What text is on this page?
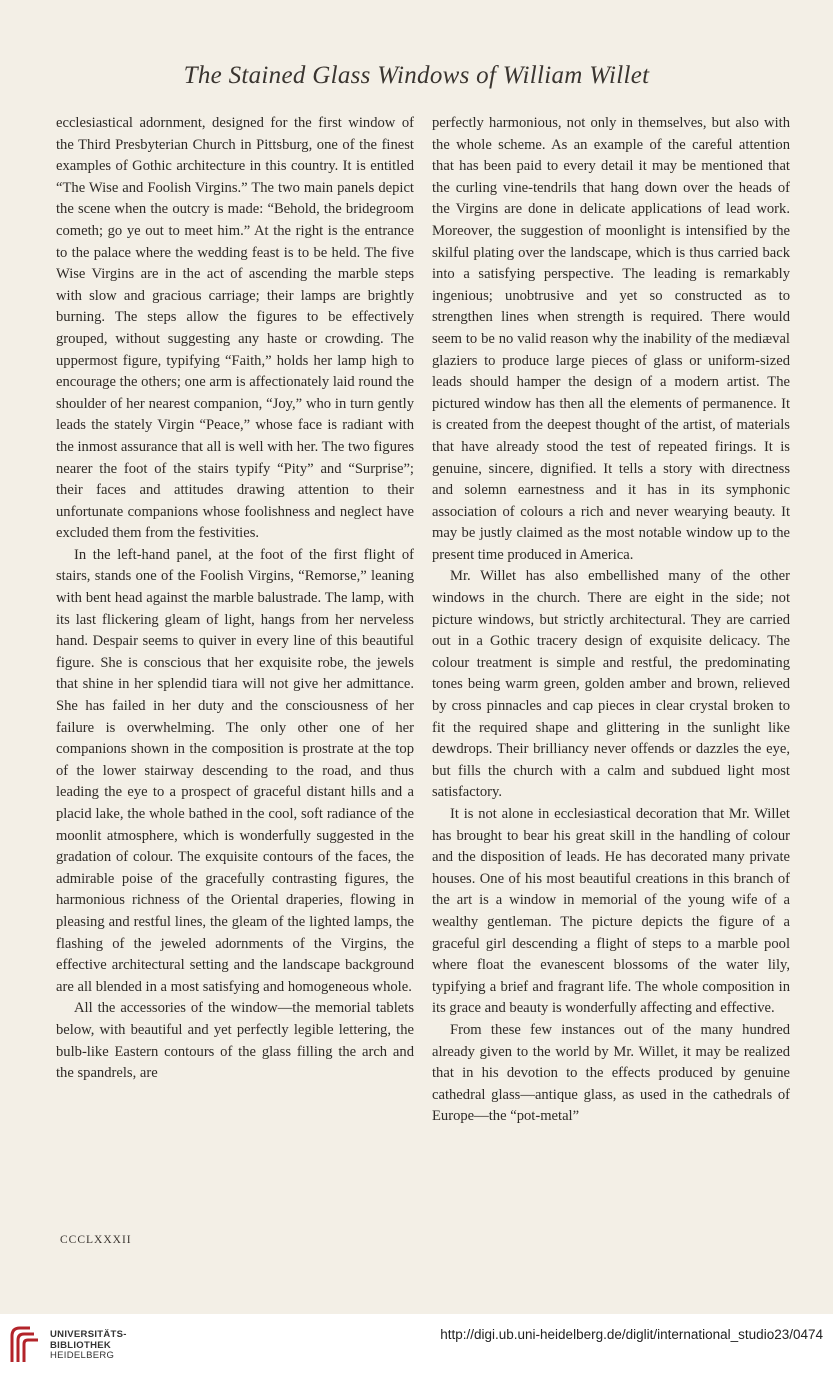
The Stained Glass Windows of William Willet

ecclesiastical adornment, designed for the first window of the Third Presbyterian Church in Pittsburg, one of the finest examples of Gothic architecture in this country. It is entitled “The Wise and Foolish Virgins.” The two main panels depict the scene when the outcry is made: “Behold, the bridegroom cometh; go ye out to meet him.” At the right is the entrance to the palace where the wedding feast is to be held. The five Wise Virgins are in the act of ascending the marble steps with slow and gracious carriage; their lamps are brightly burning. The steps allow the figures to be effectively grouped, without suggesting any haste or crowding. The uppermost figure, typifying “Faith,” holds her lamp high to encourage the others; one arm is affectionately laid round the shoulder of her nearest companion, “Joy,” who in turn gently leads the stately Virgin “Peace,” whose face is radiant with the inmost assurance that all is well with her. The two figures nearer the foot of the stairs typify “Pity” and “Surprise”; their faces and attitudes drawing attention to their unfortunate companions whose foolishness and neglect have excluded them from the festivities.

In the left-hand panel, at the foot of the first flight of stairs, stands one of the Foolish Virgins, “Remorse,” leaning with bent head against the marble balustrade. The lamp, with its last flickering gleam of light, hangs from her nerveless hand. Despair seems to quiver in every line of this beautiful figure. She is conscious that her exquisite robe, the jewels that shine in her splendid tiara will not give her admittance. She has failed in her duty and the consciousness of her failure is overwhelming. The only other one of her companions shown in the composition is prostrate at the top of the lower stairway descending to the road, and thus leading the eye to a prospect of graceful distant hills and a placid lake, the whole bathed in the cool, soft radiance of the moonlit atmosphere, which is wonderfully suggested in the gradation of colour. The exquisite contours of the faces, the admirable poise of the gracefully contrasting figures, the harmonious richness of the Oriental draperies, flowing in pleasing and restful lines, the gleam of the lighted lamps, the flashing of the jeweled adornments of the Virgins, the effective architectural setting and the landscape background are all blended in a most satisfying and homogeneous whole.

All the accessories of the window—the memorial tablets below, with beautiful and yet perfectly legible lettering, the bulb-like Eastern contours of the glass filling the arch and the spandrels, are

perfectly harmonious, not only in themselves, but also with the whole scheme. As an example of the careful attention that has been paid to every detail it may be mentioned that the curling vine-tendrils that hang down over the heads of the Virgins are done in delicate applications of lead work. Moreover, the suggestion of moonlight is intensified by the skilful plating over the landscape, which is thus carried back into a satisfying perspective. The leading is remarkably ingenious; unobtrusive and yet so constructed as to strengthen lines when strength is required. There would seem to be no valid reason why the inability of the mediæval glaziers to produce large pieces of glass or uniform-sized leads should hamper the design of a modern artist. The pictured window has then all the elements of permanence. It is created from the deepest thought of the artist, of materials that have already stood the test of repeated firings. It is genuine, sincere, dignified. It tells a story with directness and solemn earnestness and it has in its symphonic association of colours a rich and never wearying beauty. It may be justly claimed as the most notable window up to the present time produced in America.

Mr. Willet has also embellished many of the other windows in the church. There are eight in the side; not picture windows, but strictly architectural. They are carried out in a Gothic tracery design of exquisite delicacy. The colour treatment is simple and restful, the predominating tones being warm green, golden amber and brown, relieved by cross pinnacles and cap pieces in clear crystal broken to fit the required shape and glittering in the sunlight like dewdrops. Their brilliancy never offends or dazzles the eye, but fills the church with a calm and subdued light most satisfactory.

It is not alone in ecclesiastical decoration that Mr. Willet has brought to bear his great skill in the handling of colour and the disposition of leads. He has decorated many private houses. One of his most beautiful creations in this branch of the art is a window in memorial of the young wife of a wealthy gentleman. The picture depicts the figure of a graceful girl descending a flight of steps to a marble pool where float the evanescent blossoms of the water lily, typifying a brief and fragrant life. The whole composition in its grace and beauty is wonderfully affecting and effective.

From these few instances out of the many hundred already given to the world by Mr. Willet, it may be realized that in his devotion to the effects produced by genuine cathedral glass—antique glass, as used in the cathedrals of Europe—the “pot-metal”

CCCLXXXII
UNIVERSITÄTS-
BIBLIOTHEK
HEIDELBERG
http://digi.ub.uni-heidelberg.de/diglit/international_studio23/0474
